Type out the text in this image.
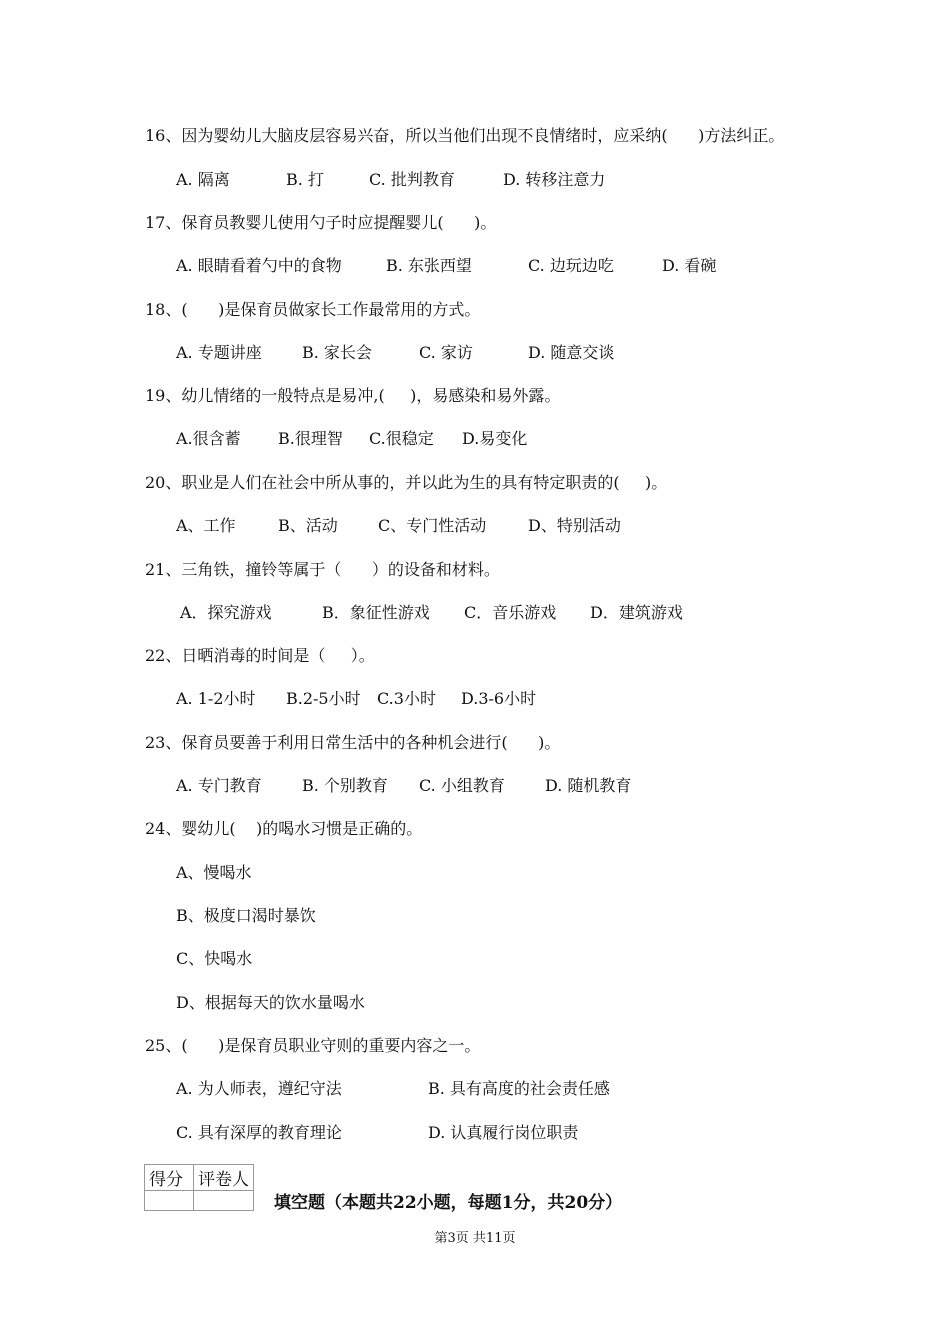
16、因为婴幼儿大脑皮层容易兴奋，所以当他们出现不良情绪时，应采纳(      )方法纠正。
A. 隔离	B. 打	C. 批判教育	D. 转移注意力
17、保育员教婴儿使用勺子时应提醒婴儿(      )。
A. 眼睛看着勺中的食物	B. 东张西望	C. 边玩边吃	D. 看碗
18、(      )是保育员做家长工作最常用的方式。
A. 专题讲座	B. 家长会	C. 家访	D. 随意交谈
19、幼儿情绪的一般特点是易冲,(     )，易感染和易外露。
A.很含蓄 B.很理智 C.很稳定 D.易变化
20、职业是人们在社会中所从事的，并以此为生的具有特定职责的(     )。
A、工作	B、活动	C、专门性活动	D、特别活动
21、三角铁，撞铃等属于（      ）的设备和材料。
A．探究游戏	B．象征性游戏 C．音乐游戏 D．建筑游戏
22、日晒消毒的时间是（     ）。
A. 1-2小时 B.2-5小时 C.3小时 D.3-6小时
23、保育员要善于利用日常生活中的各种机会进行(      )。
A. 专门教育	B. 个别教育 C. 小组教育	D. 随机教育
24、婴幼儿(    )的喝水习惯是正确的。
A、慢喝水
B、极度口渴时暴饮
C、快喝水
D、根据每天的饮水量喝水
25、(      )是保育员职业守则的重要内容之一。
A. 为人师表，遵纪守法	B. 具有高度的社会责任感
C. 具有深厚的教育理论	D. 认真履行岗位职责
得分	评卷人

填空题（本题共22小题，每题1分，共20分）
第3页 共11页
